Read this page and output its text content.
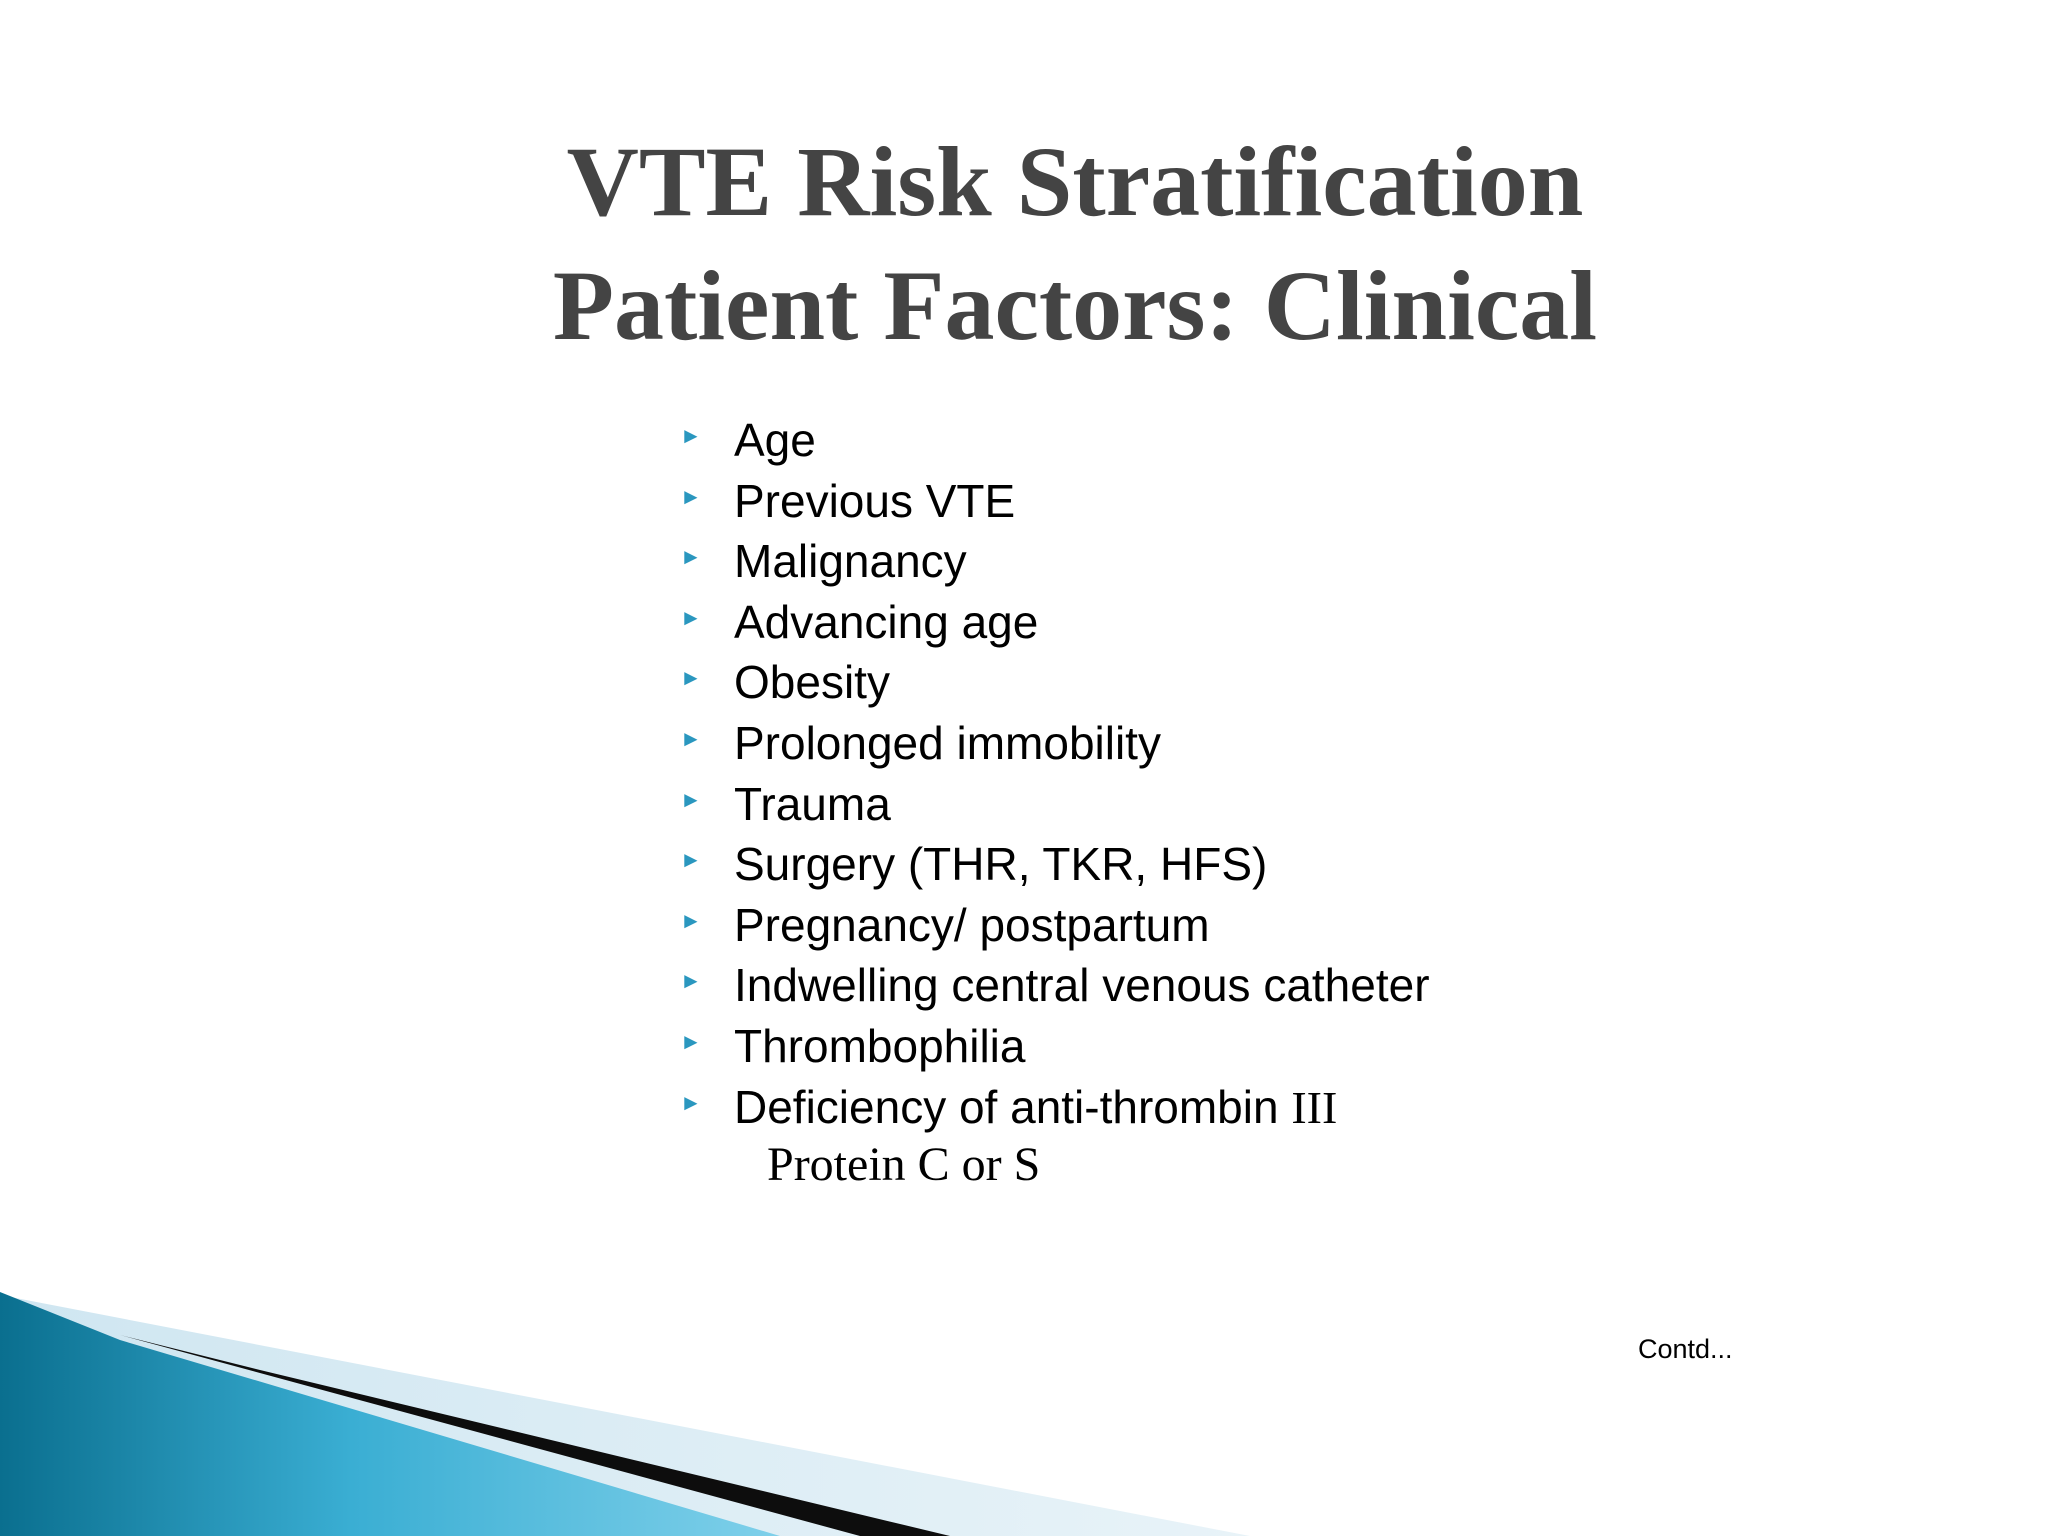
VTE Risk Stratification
Patient Factors: Clinical
► Age
► Previous VTE
► Malignancy
► Advancing age
► Obesity
► Prolonged immobility
► Trauma
► Surgery (THR, TKR, HFS)
► Pregnancy/ postpartum
► Indwelling central venous catheter
► Thrombophilia
► Deficiency of anti-thrombin III
Protein C or S
Contd...
